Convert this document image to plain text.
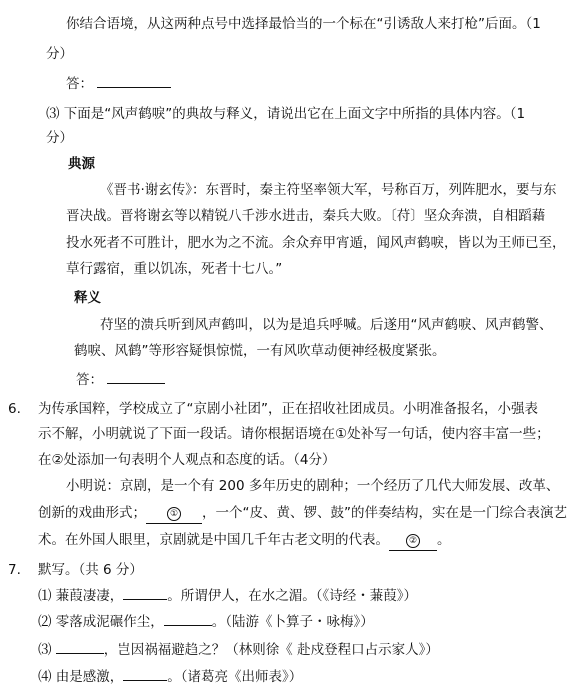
你结合语境，从这两种点号中选择最恰当的一个标在“引诱敌人来打枪”后面。（1
分）
答：
⑶ 下面是“风声鹤唳”的典故与释义，请说出它在上面文字中所指的具体内容。（1
分）
典源
《晋书·谢玄传》：东晋时，秦主符坚率领大军，号称百万，列阵肥水，要与东
晋决战。晋将谢玄等以精锐八千涉水进击，秦兵大败。〔苻〕坚众奔溃，自相蹈藉
投水死者不可胜计，肥水为之不流。余众弃甲宵遁，闻风声鹤唳，皆以为王师已至，
草行露宿，重以饥冻，死者十七八。”
释义
苻坚的溃兵听到风声鹤叫，以为是追兵呼喊。后遂用“风声鹤唳、风声鹤警、
鹤唳、风鹤”等形容疑惧惊慌，一有风吹草动便神经极度紧张。
答：
6. 为传承国粹，学校成立了“京剧小社团”，正在招收社团成员。小明准备报名，小强表
示不解，小明就说了下面一段话。请你根据语境在①处补写一句话，使内容丰富一些；
在②处添加一句表明个人观点和态度的话。（4分）
小明说：京剧，是一个有 200 多年历史的剧种；一个经历了几代大师发展、改革、
创新的戏曲形式；	① ，一个“皮、黄、锣、鼓”的伴奏结构，实在是一门综合表演艺
术。在外国人眼里，京剧就是中国几千年古老文明的代表。 ② 。
7. 默写。（共 6 分）
⑴ 蒹葭凄凄，	。所谓伊人，在水之湄。（《诗经・蒹葭》）
⑵ 零落成泥碾作尘，	。（陆游《卜算子・咏梅》）
⑶	，岂因祸福避趋之？（林则徐《 赴戍登程口占示家人》）
⑷ 由是感激，	。（诸葛亮《出师表》）
